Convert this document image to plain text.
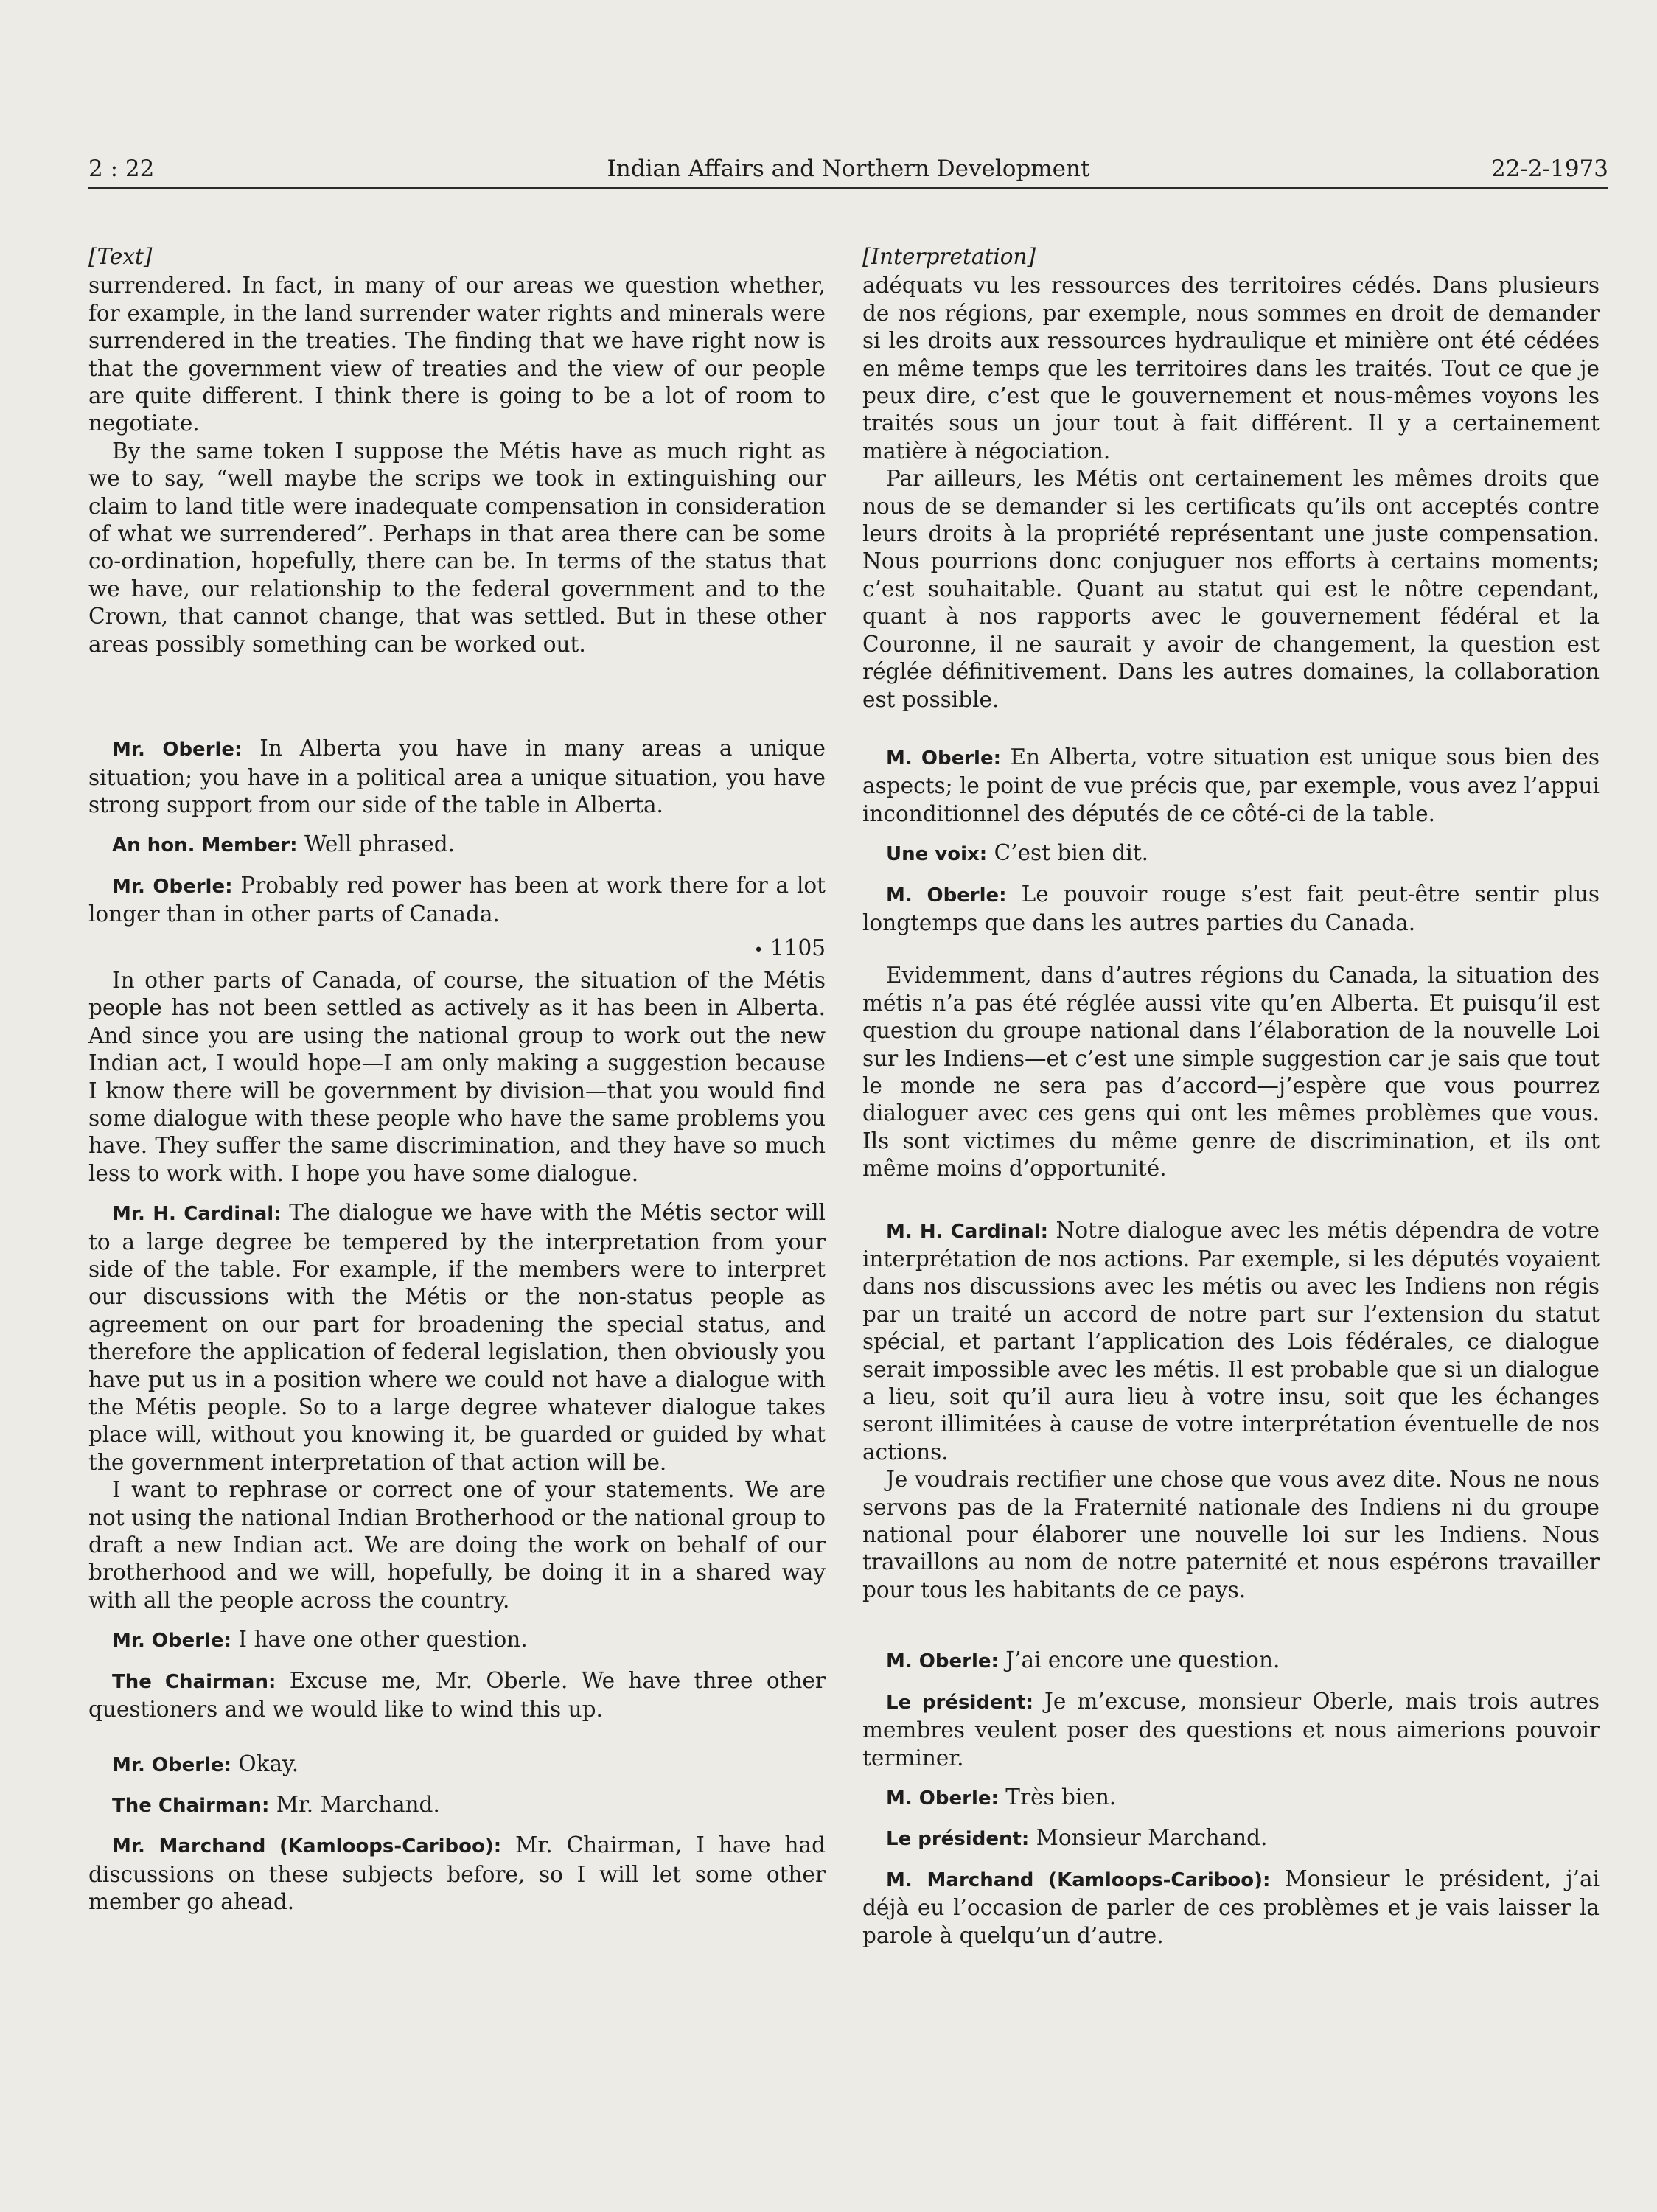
2 : 22	Indian Affairs and Northern Development	22-2-1973
[Text]

surrendered. In fact, in many of our areas we question whether, for example, in the land surrender water rights and minerals were surrendered in the treaties. The finding that we have right now is that the government view of treaties and the view of our people are quite different. I think there is going to be a lot of room to negotiate.

By the same token I suppose the Métis have as much right as we to say, “well maybe the scrips we took in extinguishing our claim to land title were inadequate compensation in consideration of what we surrendered”. Perhaps in that area there can be some co-ordination, hopefully, there can be. In terms of the status that we have, our relationship to the federal government and to the Crown, that cannot change, that was settled. But in these other areas possibly something can be worked out.

Mr. Oberle: In Alberta you have in many areas a unique situation; you have in a political area a unique situation, you have strong support from our side of the table in Alberta.

An hon. Member: Well phrased.

Mr. Oberle: Probably red power has been at work there for a lot longer than in other parts of Canada.

• 1105

In other parts of Canada, of course, the situation of the Métis people has not been settled as actively as it has been in Alberta. And since you are using the national group to work out the new Indian act, I would hope—I am only making a suggestion because I know there will be government by division—that you would find some dialogue with these people who have the same problems you have. They suffer the same discrimination, and they have so much less to work with. I hope you have some dialogue.

Mr. H. Cardinal: The dialogue we have with the Métis sector will to a large degree be tempered by the interpretation from your side of the table. For example, if the members were to interpret our discussions with the Métis or the non-status people as agreement on our part for broadening the special status, and therefore the application of federal legislation, then obviously you have put us in a position where we could not have a dialogue with the Métis people. So to a large degree whatever dialogue takes place will, without you knowing it, be guarded or guided by what the government interpretation of that action will be.

I want to rephrase or correct one of your statements. We are not using the national Indian Brotherhood or the national group to draft a new Indian act. We are doing the work on behalf of our brotherhood and we will, hopefully, be doing it in a shared way with all the people across the country.

Mr. Oberle: I have one other question.

The Chairman: Excuse me, Mr. Oberle. We have three other questioners and we would like to wind this up.

Mr. Oberle: Okay.

The Chairman: Mr. Marchand.

Mr. Marchand (Kamloops-Cariboo): Mr. Chairman, I have had discussions on these subjects before, so I will let some other member go ahead.

[Interpretation]

adéquats vu les ressources des territoires cédés. Dans plusieurs de nos régions, par exemple, nous sommes en droit de demander si les droits aux ressources hydraulique et minière ont été cédées en même temps que les territoires dans les traités. Tout ce que je peux dire, c’est que le gouvernement et nous-mêmes voyons les traités sous un jour tout à fait différent. Il y a certainement matière à négociation.

Par ailleurs, les Métis ont certainement les mêmes droits que nous de se demander si les certificats qu’ils ont acceptés contre leurs droits à la propriété représentant une juste compensation. Nous pourrions donc conjuguer nos efforts à certains moments; c’est souhaitable. Quant au statut qui est le nôtre cependant, quant à nos rapports avec le gouvernement fédéral et la Couronne, il ne saurait y avoir de changement, la question est réglée définitivement. Dans les autres domaines, la collaboration est possible.

M. Oberle: En Alberta, votre situation est unique sous bien des aspects; le point de vue précis que, par exemple, vous avez l’appui inconditionnel des députés de ce côté-ci de la table.

Une voix: C’est bien dit.

M. Oberle: Le pouvoir rouge s’est fait peut-être sentir plus longtemps que dans les autres parties du Canada.

Evidemment, dans d’autres régions du Canada, la situation des métis n’a pas été réglée aussi vite qu’en Alberta. Et puisqu’il est question du groupe national dans l’élaboration de la nouvelle Loi sur les Indiens—et c’est une simple suggestion car je sais que tout le monde ne sera pas d’accord—j’espère que vous pourrez dialoguer avec ces gens qui ont les mêmes problèmes que vous. Ils sont victimes du même genre de discrimination, et ils ont même moins d’opportunité.

M. H. Cardinal: Notre dialogue avec les métis dépendra de votre interprétation de nos actions. Par exemple, si les députés voyaient dans nos discussions avec les métis ou avec les Indiens non régis par un traité un accord de notre part sur l’extension du statut spécial, et partant l’application des Lois fédérales, ce dialogue serait impossible avec les métis. Il est probable que si un dialogue a lieu, soit qu’il aura lieu à votre insu, soit que les échanges seront illimitées à cause de votre interprétation éventuelle de nos actions.

Je voudrais rectifier une chose que vous avez dite. Nous ne nous servons pas de la Fraternité nationale des Indiens ni du groupe national pour élaborer une nouvelle loi sur les Indiens. Nous travaillons au nom de notre paternité et nous espérons travailler pour tous les habitants de ce pays.

M. Oberle: J’ai encore une question.

Le président: Je m’excuse, monsieur Oberle, mais trois autres membres veulent poser des questions et nous aimerions pouvoir terminer.

M. Oberle: Très bien.

Le président: Monsieur Marchand.

M. Marchand (Kamloops-Cariboo): Monsieur le président, j’ai déjà eu l’occasion de parler de ces problèmes et je vais laisser la parole à quelqu’un d’autre.
